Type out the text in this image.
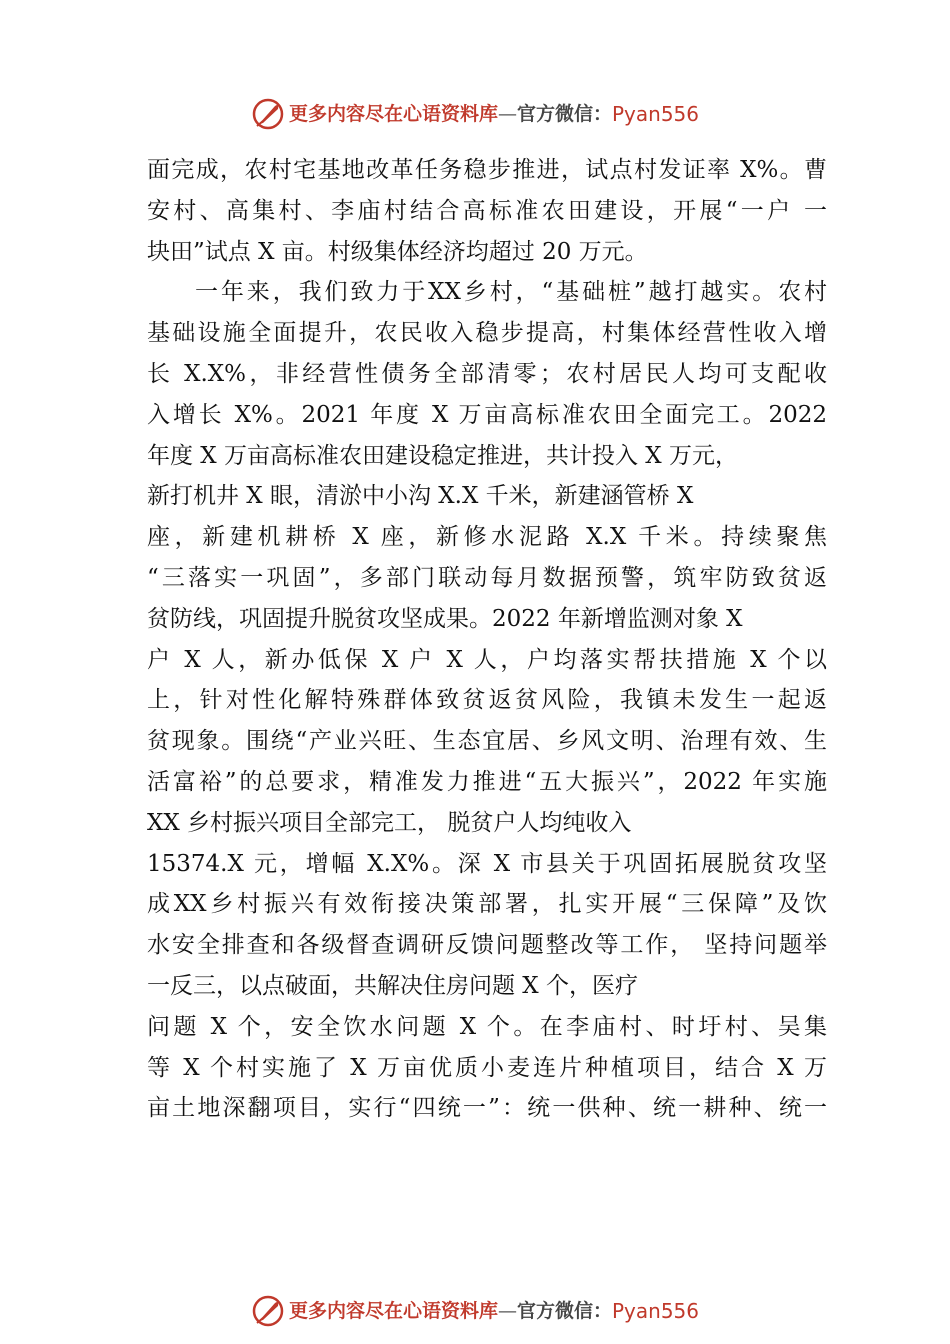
更多内容尽在心语资料库 — 官方微信： Pyan556
面完成，农村宅基地改革任务稳步推进，试点村发证率 X%。曹
安村、高集村、李庙村结合高标准农田建设，开展“一户 一
块田”试点 X 亩。村级集体经济均超过 20 万元。
一年来，我们致力于XX乡村，“基础桩”越打越实。农村
基础设施全面提升，农民收入稳步提高，村集体经营性收入增
长 X.X%，非经营性债务全部清零；农村居民人均可支配收
入增长 X%。2021 年度 X 万亩高标准农田全面完工。2022
年度 X 万亩高标准农田建设稳定推进，共计投入 X 万元，
新打机井 X 眼，清淤中小沟 X.X 千米，新建涵管桥 X
座，新建机耕桥 X 座，新修水泥路 X.X 千米。持续聚焦
“三落实一巩固”，多部门联动每月数据预警，筑牢防致贫返
贫防线，巩固提升脱贫攻坚成果。2022 年新增监测对象 X
户 X 人，新办低保 X 户 X 人，户均落实帮扶措施 X 个以
上，针对性化解特殊群体致贫返贫风险，我镇未发生一起返
贫现象。围绕“产业兴旺、生态宜居、乡风文明、治理有效、生
活富裕”的总要求，精准发力推进“五大振兴”，2022 年实施
XX 乡村振兴项目全部完工， 脱贫户人均纯收入
15374.X 元，增幅 X.X%。深 X 市县关于巩固拓展脱贫攻坚
成XX乡村振兴有效衔接决策部署，扎实开展“三保障”及饮
水安全排查和各级督查调研反馈问题整改等工作， 坚持问题举
一反三，以点破面，共解决住房问题 X 个，医疗
问题 X 个，安全饮水问题 X 个。在李庙村、时圩村、吴集
等 X 个村实施了 X 万亩优质小麦连片种植项目，结合 X 万
亩土地深翻项目，实行“四统一”：统一供种、统一耕种、统一
更多内容尽在心语资料库 — 官方微信： Pyan556
